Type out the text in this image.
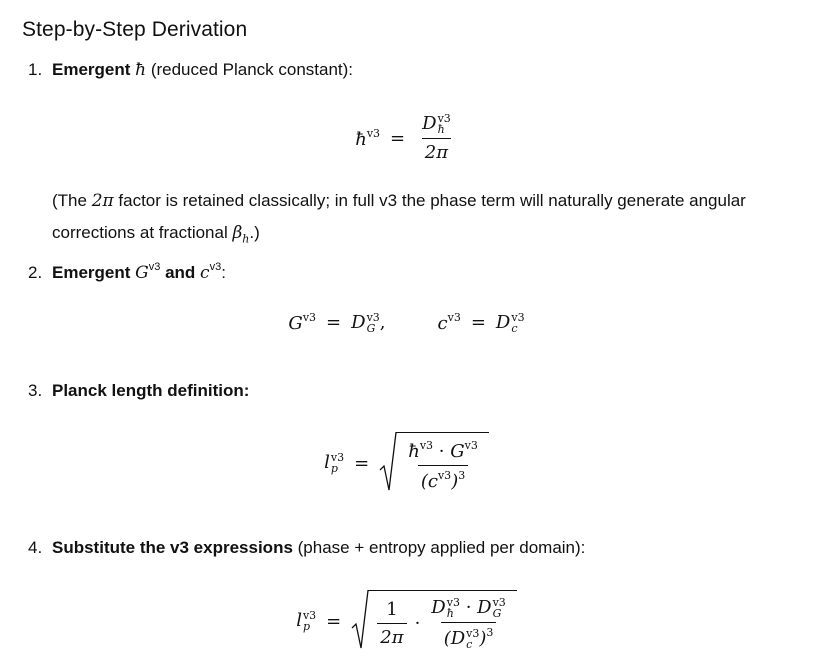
Step-by-Step Derivation
1. Emergent ħ (reduced Planck constant):
$ħ^{v3} = D$ v3
ħ
2π
(The 2π factor is retained classically; in full v3 the phase term will naturally generate angular
corrections at fractional $\beta_h$.)
2. Emergent $G^{v3}$ and $c^{v3}$:
$G^{v3} = D$ v3
G ,	$c^{v3} = D$ v3
c
3. Planck length definition:
l v3
$p = \frac{ħ^{v3} \cdot G^{v3}}{(c^{v3})^3}$
4. Substitute the v3 expressions (phase + entropy applied per domain):
l v3
$p = \frac{1}{2\pi} \cdot D$ v3
ħ · D v3
G
(D v3
c )$^3$
